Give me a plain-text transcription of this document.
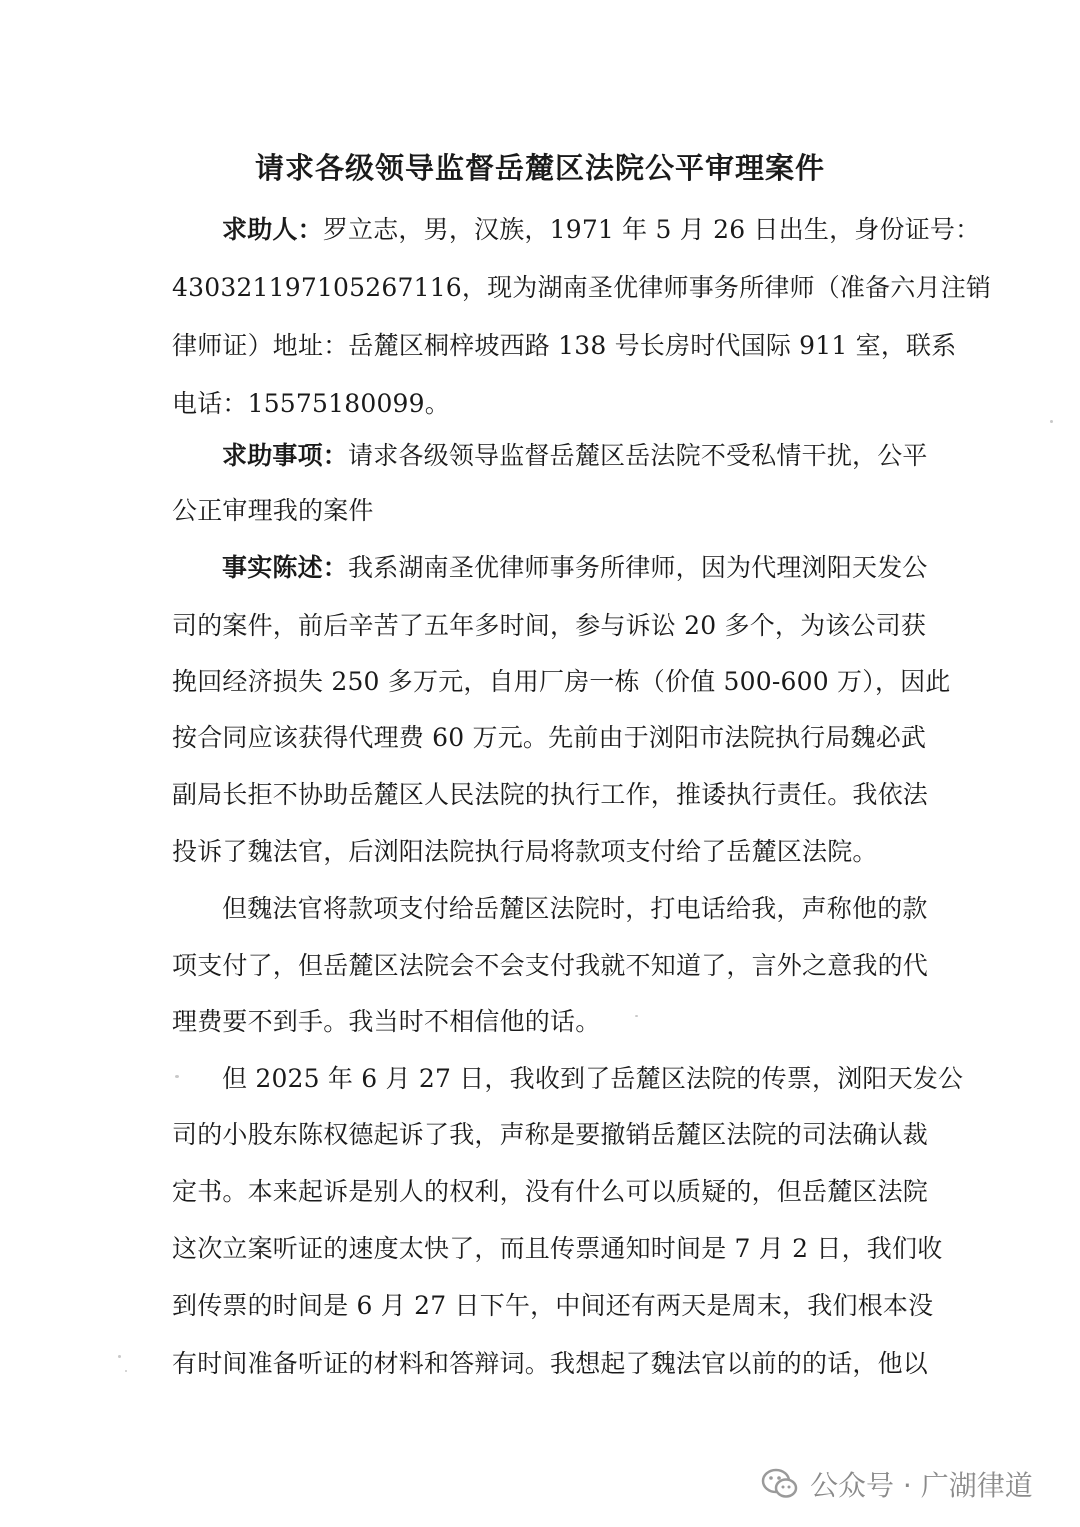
请求各级领导监督岳麓区法院公平审理案件
求助人：罗立志，男，汉族，1971 年 5 月 26 日出生，身份证号：
430321197105267116，现为湖南圣优律师事务所律师（准备六月注销
律师证）地址：岳麓区桐梓坡西路 138 号长房时代国际 911 室，联系
电话：15575180099。
求助事项：请求各级领导监督岳麓区岳法院不受私情干扰，公平
公正审理我的案件
事实陈述：我系湖南圣优律师事务所律师，因为代理浏阳天发公
司的案件，前后辛苦了五年多时间，参与诉讼 20 多个，为该公司获
挽回经济损失 250 多万元，自用厂房一栋（价值 500-600 万），因此
按合同应该获得代理费 60 万元。先前由于浏阳市法院执行局魏必武
副局长拒不协助岳麓区人民法院的执行工作，推诿执行责任。我依法
投诉了魏法官，后浏阳法院执行局将款项支付给了岳麓区法院。
但魏法官将款项支付给岳麓区法院时，打电话给我，声称他的款
项支付了，但岳麓区法院会不会支付我就不知道了，言外之意我的代
理费要不到手。我当时不相信他的话。
但 2025 年 6 月 27 日，我收到了岳麓区法院的传票，浏阳天发公
司的小股东陈权德起诉了我，声称是要撤销岳麓区法院的司法确认裁
定书。本来起诉是别人的权利，没有什么可以质疑的，但岳麓区法院
这次立案听证的速度太快了，而且传票通知时间是 7 月 2 日，我们收
到传票的时间是 6 月 27 日下午，中间还有两天是周末，我们根本没
有时间准备听证的材料和答辩词。我想起了魏法官以前的的话，他以
公众号 · 广湖律道
